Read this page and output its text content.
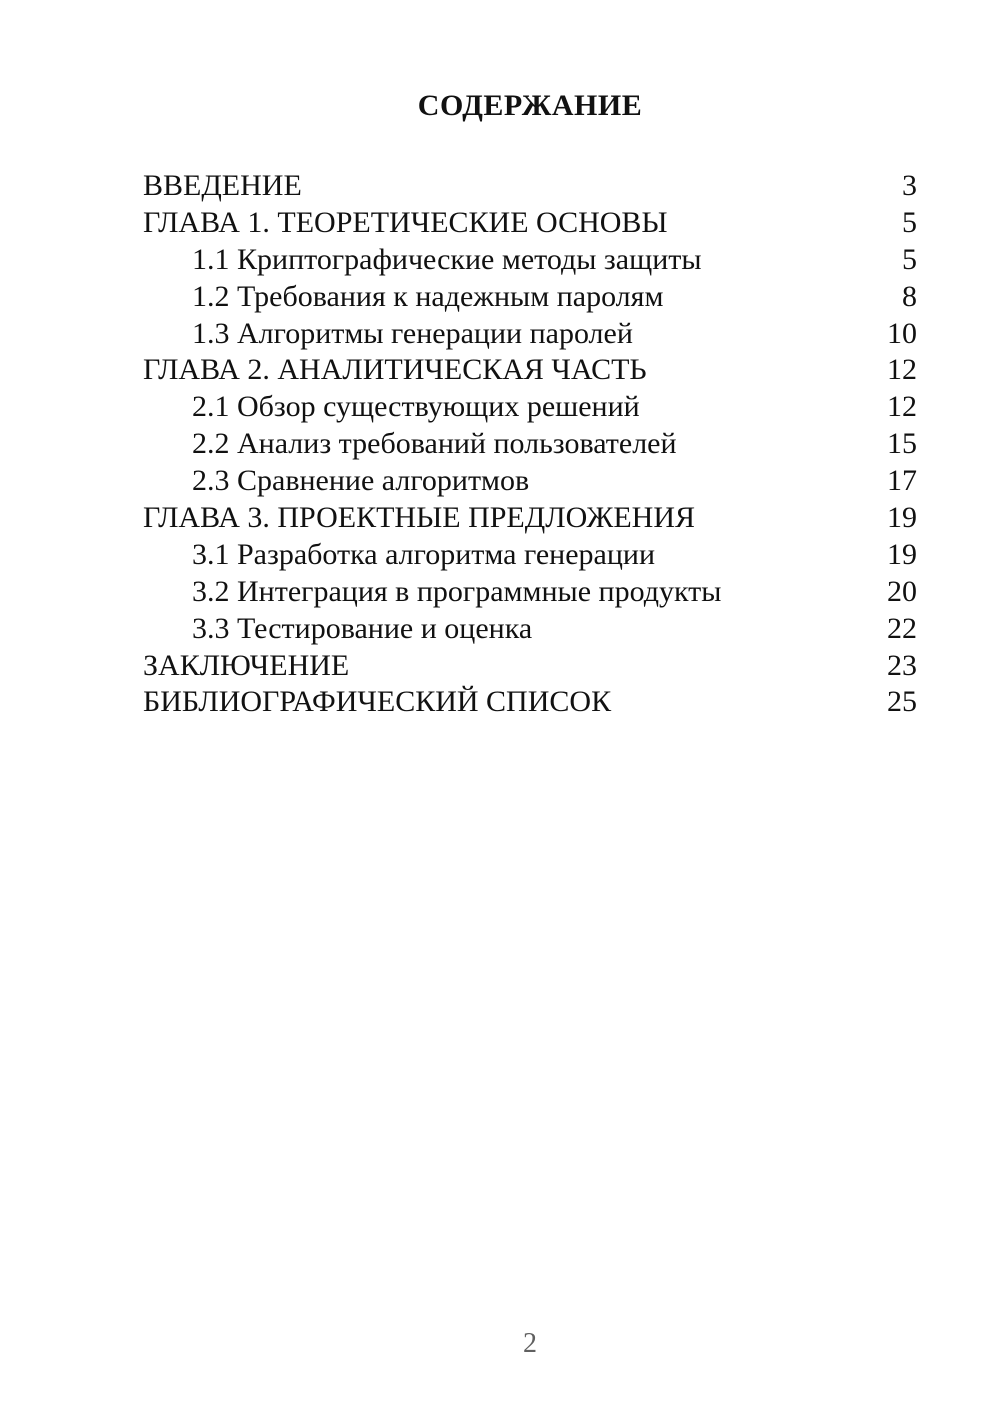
СОДЕРЖАНИЕ
ВВЕДЕНИЕ	3
ГЛАВА 1. ТЕОРЕТИЧЕСКИЕ ОСНОВЫ	5
1.1 Криптографические методы защиты	5
1.2 Требования к надежным паролям	8
1.3 Алгоритмы генерации паролей	10
ГЛАВА 2. АНАЛИТИЧЕСКАЯ ЧАСТЬ	12
2.1 Обзор существующих решений	12
2.2 Анализ требований пользователей	15
2.3 Сравнение алгоритмов	17
ГЛАВА 3. ПРОЕКТНЫЕ ПРЕДЛОЖЕНИЯ	19
3.1 Разработка алгоритма генерации	19
3.2 Интеграция в программные продукты	20
3.3 Тестирование и оценка	22
ЗАКЛЮЧЕНИЕ	23
БИБЛИОГРАФИЧЕСКИЙ СПИСОК	25
2
